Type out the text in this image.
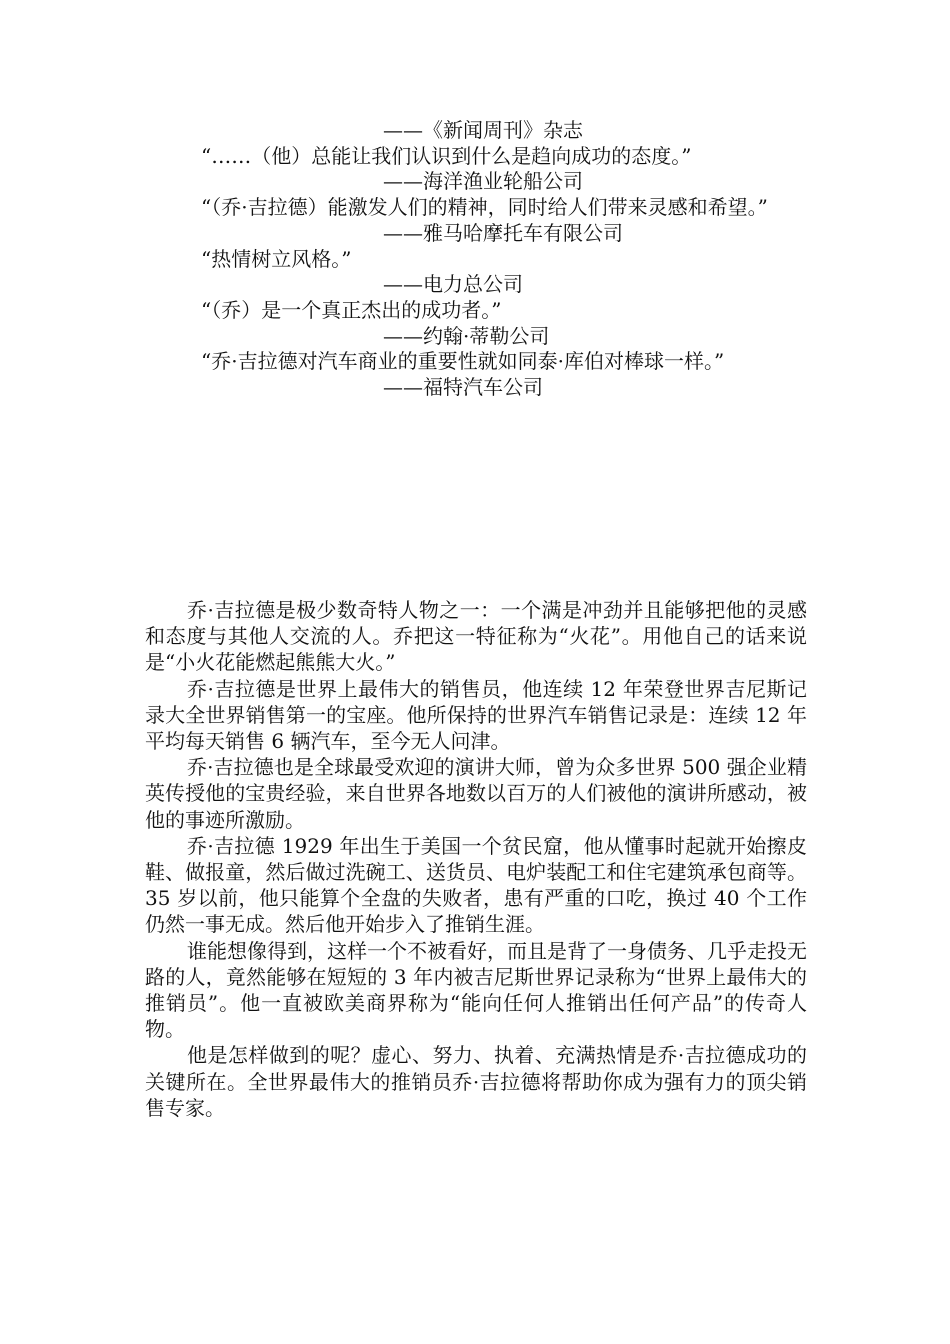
——《新闻周刊》杂志

“……（他）总能让我们认识到什么是趋向成功的态度。”

——海洋渔业轮船公司

“（乔·吉拉德）能激发人们的精神，同时给人们带来灵感和希望。”

——雅马哈摩托车有限公司

“热情树立风格。”

——电力总公司

“（乔）是一个真正杰出的成功者。”

——约翰·蒂勒公司

“乔·吉拉德对汽车商业的重要性就如同泰·库伯对棒球一样。”

——福特汽车公司

乔·吉拉德是极少数奇特人物之一：一个满是冲劲并且能够把他的灵感和态度与其他人交流的人。乔把这一特征称为“火花”。用他自己的话来说是“小火花能燃起熊熊大火。”

乔·吉拉德是世界上最伟大的销售员，他连续 12 年荣登世界吉尼斯记录大全世界销售第一的宝座。他所保持的世界汽车销售记录是：连续 12 年平均每天销售 6 辆汽车，至今无人问津。

乔·吉拉德也是全球最受欢迎的演讲大师，曾为众多世界 500 强企业精英传授他的宝贵经验，来自世界各地数以百万的人们被他的演讲所感动，被他的事迹所激励。

乔·吉拉德 1929 年出生于美国一个贫民窟，他从懂事时起就开始擦皮鞋、做报童，然后做过洗碗工、送货员、电炉装配工和住宅建筑承包商等。35 岁以前，他只能算个全盘的失败者，患有严重的口吃，换过 40 个工作仍然一事无成。然后他开始步入了推销生涯。

谁能想像得到，这样一个不被看好，而且是背了一身债务、几乎走投无路的人，竟然能够在短短的 3 年内被吉尼斯世界记录称为“世界上最伟大的推销员”。他一直被欧美商界称为“能向任何人推销出任何产品”的传奇人物。

他是怎样做到的呢？虚心、努力、执着、充满热情是乔·吉拉德成功的关键所在。全世界最伟大的推销员乔·吉拉德将帮助你成为强有力的顶尖销售专家。
